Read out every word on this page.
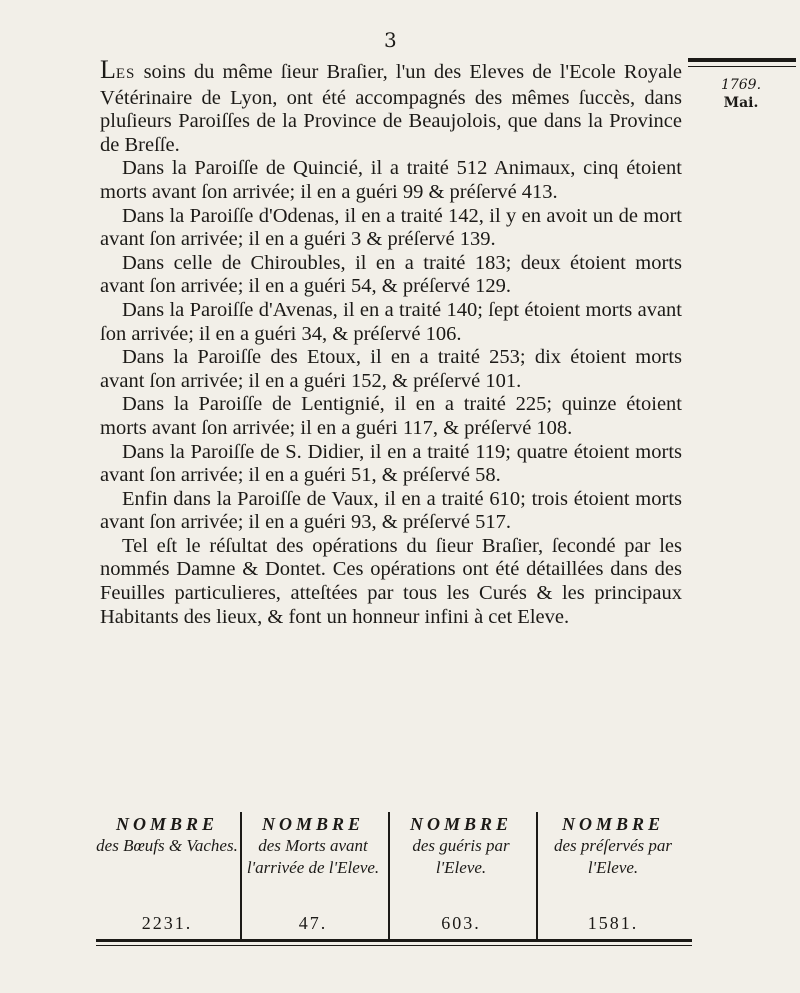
3
1769.
Mai.

LES soins du même ſieur Braſier, l'un des Eleves de l'Ecole Royale Vétérinaire de Lyon, ont été accompagnés des mêmes ſuccès, dans pluſieurs Paroiſſes de la Province de Beaujolois, que dans la Province de Breſſe.

Dans la Paroiſſe de Quincié, il a traité 512 Animaux, cinq étoient morts avant ſon arrivée; il en a guéri 99 & préſervé 413.

Dans la Paroiſſe d'Odenas, il en a traité 142, il y en avoit un de mort avant ſon arrivée; il en a guéri 3 & préſervé 139.

Dans celle de Chiroubles, il en a traité 183; deux étoient morts avant ſon arrivée; il en a guéri 54, & préſervé 129.

Dans la Paroiſſe d'Avenas, il en a traité 140; ſept étoient morts avant ſon arrivée; il en a guéri 34, & préſervé 106.

Dans la Paroiſſe des Etoux, il en a traité 253; dix étoient morts avant ſon arrivée; il en a guéri 152, & préſervé 101.

Dans la Paroiſſe de Lentignié, il en a traité 225; quinze étoient morts avant ſon arrivée; il en a guéri 117, & préſervé 108.

Dans la Paroiſſe de S. Didier, il en a traité 119; quatre étoient morts avant ſon arrivée; il en a guéri 51, & préſervé 58.

Enfin dans la Paroiſſe de Vaux, il en a traité 610; trois étoient morts avant ſon arrivée; il en a guéri 93, & préſervé 517.

Tel eſt le réſultat des opérations du ſieur Braſier, ſecondé par les nommés Damne & Dontet. Ces opérations ont été détaillées dans des Feuilles particulieres, atteſtées par tous les Curés & les principaux Habitants des lieux, & font un honneur infini à cet Eleve.

NOMBRE
des Bœufs & Vaches.
2231.
NOMBRE
des Morts avant l'arrivée de l'Eleve.
47.
NOMBRE
des guéris par l'Eleve.
603.
NOMBRE
des préſervés par l'Eleve.
1581.
